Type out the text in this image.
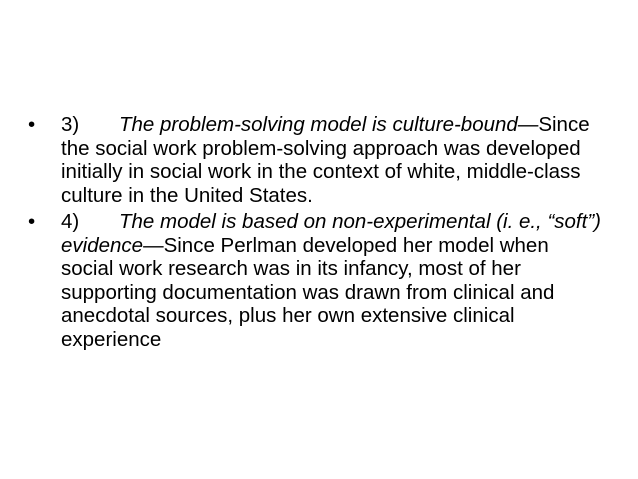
•	3) The problem-solving model is culture-bound—Since the social work problem-solving approach was developed initially in social work in the context of white, middle-class culture in the United States.
•	4) The model is based on non-experimental (i. e., “soft”) evidence—Since Perlman developed her model when social work research was in its infancy, most of her supporting documentation was drawn from clinical and anecdotal sources, plus her own extensive clinical experience
